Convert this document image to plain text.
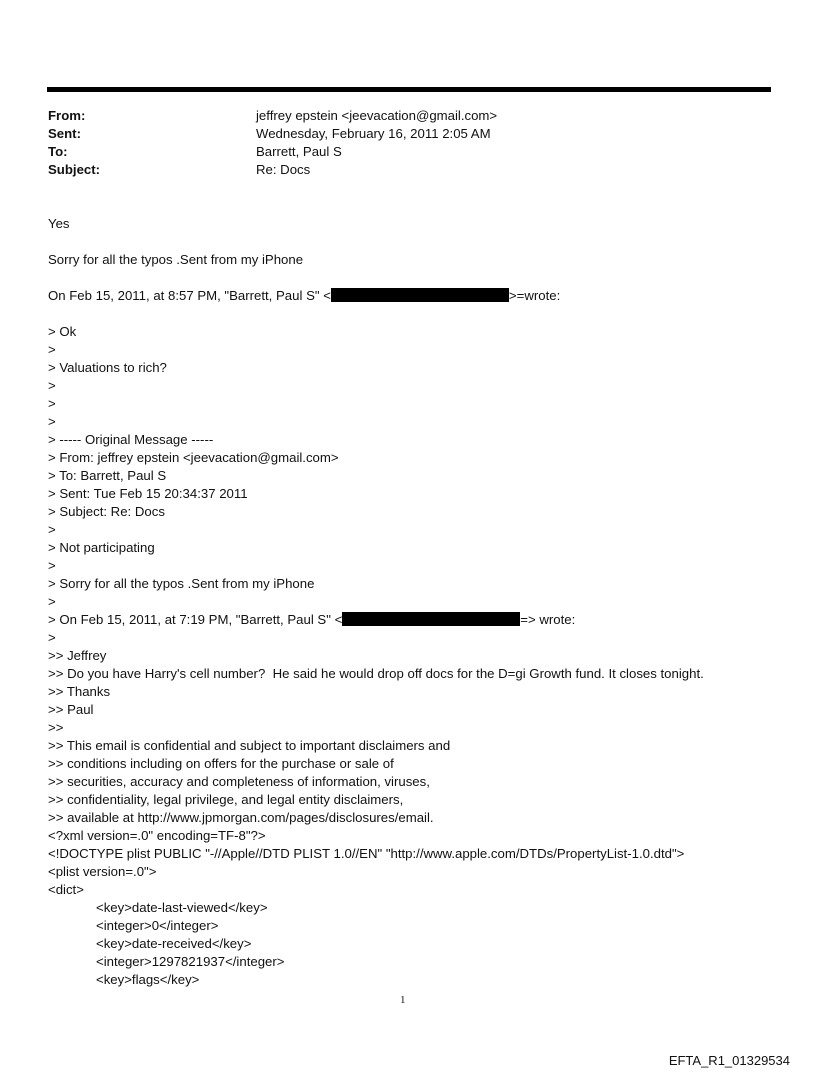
From:	jeffrey epstein <jeevacation@gmail.com>
Sent:	Wednesday, February 16, 2011 2:05 AM
To:	Barrett, Paul S
Subject:	Re: Docs
Yes
Sorry for all the typos .Sent from my iPhone
On Feb 15, 2011, at 8:57 PM, "Barrett, Paul S" <	>=wrote:
> Ok
>
> Valuations to rich?
>
>
>
> ----- Original Message -----
> From: jeffrey epstein <jeevacation@gmail.com>
> To: Barrett, Paul S
> Sent: Tue Feb 15 20:34:37 2011
> Subject: Re: Docs
>
> Not participating
>
> Sorry for all the typos .Sent from my iPhone
>
> On Feb 15, 2011, at 7:19 PM, "Barrett, Paul S" <	=> wrote:
>
>> Jeffrey
>> Do you have Harry's cell number?  He said he would drop off docs for the D=gi Growth fund. It closes tonight.
>> Thanks
>> Paul
>>
>> This email is confidential and subject to important disclaimers and
>> conditions including on offers for the purchase or sale of
>> securities, accuracy and completeness of information, viruses,
>> confidentiality, legal privilege, and legal entity disclaimers,
>> available at http://www.jpmorgan.com/pages/disclosures/email.
<?xml version=.0" encoding=TF-8"?>
<!DOCTYPE plist PUBLIC "-//Apple//DTD PLIST 1.0//EN" "http://www.apple.com/DTDs/PropertyList-1.0.dtd">
<plist version=.0">
<dict>
<key>date-last-viewed</key>
<integer>0</integer>
<key>date-received</key>
<integer>1297821937</integer>
<key>flags</key>
1
EFTA_R1_01329534
